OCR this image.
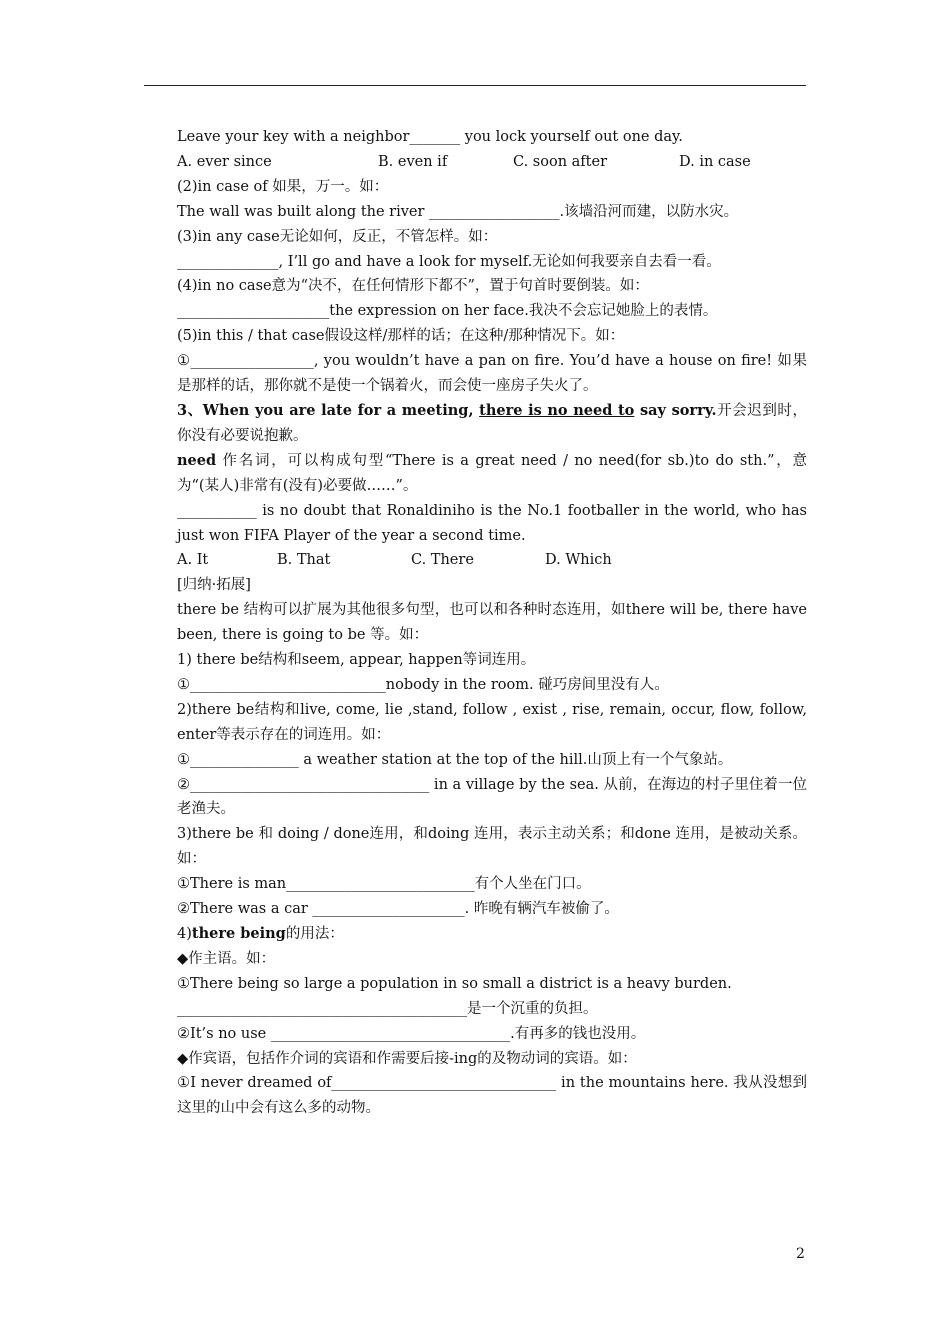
Leave your key with a neighbor_______ you lock yourself out one day.

A. ever since	B. even if	C. soon after	D. in case

(2)in case of 如果，万一。如：

The wall was built along the river __________________.该墙沿河而建，以防水灾。

(3)in any case无论如何，反正，不管怎样。如：

______________, I’ll go and have a look for myself.无论如何我要亲自去看一看。

(4)in no case意为“决不，在任何情形下都不”，置于句首时要倒装。如：

_____________________the expression on her face.我决不会忘记她脸上的表情。

(5)in this / that case假设这样/那样的话；在这种/那种情况下。如：

①_________________, you wouldn’t have a pan on fire. You’d have a house on fire! 如果是那样的话，那你就不是使一个锅着火，而会使一座房子失火了。

3、When you are late for a meeting, there is no need to say sorry.开会迟到时，你没有必要说抱歉。

need 作名词，可以构成句型“There is a great need / no need(for sb.)to do sth.”，意为“(某人)非常有(没有)必要做……”。

___________ is no doubt that Ronaldiniho is the No.1 footballer in the world, who has just won FIFA Player of the year a second time.

A. It	B. That	C. There	D. Which

[归纳·拓展]

there be 结构可以扩展为其他很多句型，也可以和各种时态连用，如there will be, there have been, there is going to be 等。如：

1) there be结构和seem, appear, happen等词连用。

①___________________________nobody in the room. 碰巧房间里没有人。

2)there be结构和live, come, lie ,stand, follow , exist , rise, remain, occur, flow, follow, enter等表示存在的词连用。如：

①_______________ a weather station at the top of the hill.山顶上有一个气象站。

②_________________________________ in a village by the sea. 从前，在海边的村子里住着一位老渔夫。

3)there be 和 doing / done连用，和doing 连用，表示主动关系；和done 连用，是被动关系。如：

①There is man__________________________有个人坐在门口。

②There was a car _____________________. 昨晚有辆汽车被偷了。

4)there being的用法：

◆作主语。如：

①There being so large a population in so small a district is a heavy burden.

________________________________________是一个沉重的负担。

②It’s no use _________________________________.有再多的钱也没用。

◆作宾语，包括作介词的宾语和作需要后接-ing的及物动词的宾语。如：

①I never dreamed of_______________________________ in the mountains here. 我从没想到这里的山中会有这么多的动物。

2
